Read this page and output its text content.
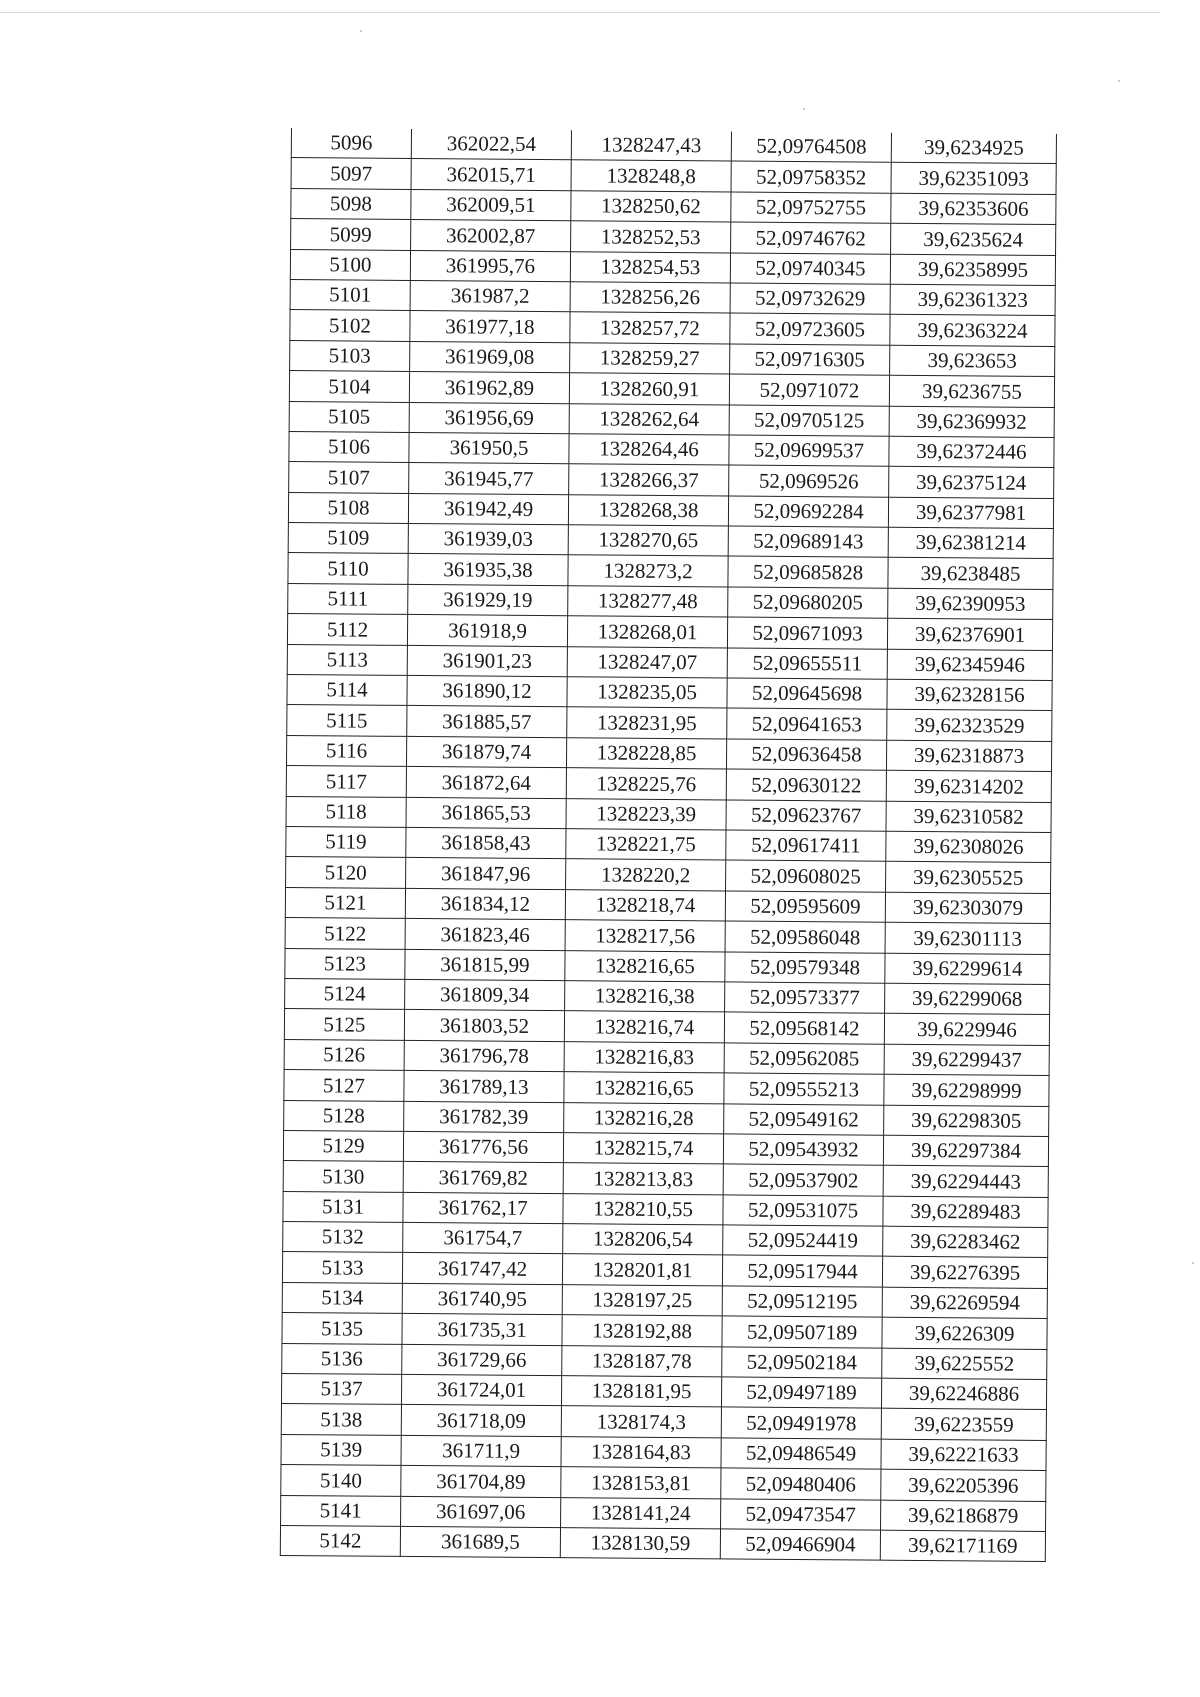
5096	362022,54	1328247,43	52,09764508	39,6234925
5097	362015,71	1328248,8	52,09758352	39,62351093
5098	362009,51	1328250,62	52,09752755	39,62353606
5099	362002,87	1328252,53	52,09746762	39,6235624
5100	361995,76	1328254,53	52,09740345	39,62358995
5101	361987,2	1328256,26	52,09732629	39,62361323
5102	361977,18	1328257,72	52,09723605	39,62363224
5103	361969,08	1328259,27	52,09716305	39,623653
5104	361962,89	1328260,91	52,0971072	39,6236755
5105	361956,69	1328262,64	52,09705125	39,62369932
5106	361950,5	1328264,46	52,09699537	39,62372446
5107	361945,77	1328266,37	52,0969526	39,62375124
5108	361942,49	1328268,38	52,09692284	39,62377981
5109	361939,03	1328270,65	52,09689143	39,62381214
5110	361935,38	1328273,2	52,09685828	39,6238485
5111	361929,19	1328277,48	52,09680205	39,62390953
5112	361918,9	1328268,01	52,09671093	39,62376901
5113	361901,23	1328247,07	52,09655511	39,62345946
5114	361890,12	1328235,05	52,09645698	39,62328156
5115	361885,57	1328231,95	52,09641653	39,62323529
5116	361879,74	1328228,85	52,09636458	39,62318873
5117	361872,64	1328225,76	52,09630122	39,62314202
5118	361865,53	1328223,39	52,09623767	39,62310582
5119	361858,43	1328221,75	52,09617411	39,62308026
5120	361847,96	1328220,2	52,09608025	39,62305525
5121	361834,12	1328218,74	52,09595609	39,62303079
5122	361823,46	1328217,56	52,09586048	39,62301113
5123	361815,99	1328216,65	52,09579348	39,62299614
5124	361809,34	1328216,38	52,09573377	39,62299068
5125	361803,52	1328216,74	52,09568142	39,6229946
5126	361796,78	1328216,83	52,09562085	39,62299437
5127	361789,13	1328216,65	52,09555213	39,62298999
5128	361782,39	1328216,28	52,09549162	39,62298305
5129	361776,56	1328215,74	52,09543932	39,62297384
5130	361769,82	1328213,83	52,09537902	39,62294443
5131	361762,17	1328210,55	52,09531075	39,62289483
5132	361754,7	1328206,54	52,09524419	39,62283462
5133	361747,42	1328201,81	52,09517944	39,62276395
5134	361740,95	1328197,25	52,09512195	39,62269594
5135	361735,31	1328192,88	52,09507189	39,6226309
5136	361729,66	1328187,78	52,09502184	39,6225552
5137	361724,01	1328181,95	52,09497189	39,62246886
5138	361718,09	1328174,3	52,09491978	39,6223559
5139	361711,9	1328164,83	52,09486549	39,62221633
5140	361704,89	1328153,81	52,09480406	39,62205396
5141	361697,06	1328141,24	52,09473547	39,62186879
5142	361689,5	1328130,59	52,09466904	39,62171169
